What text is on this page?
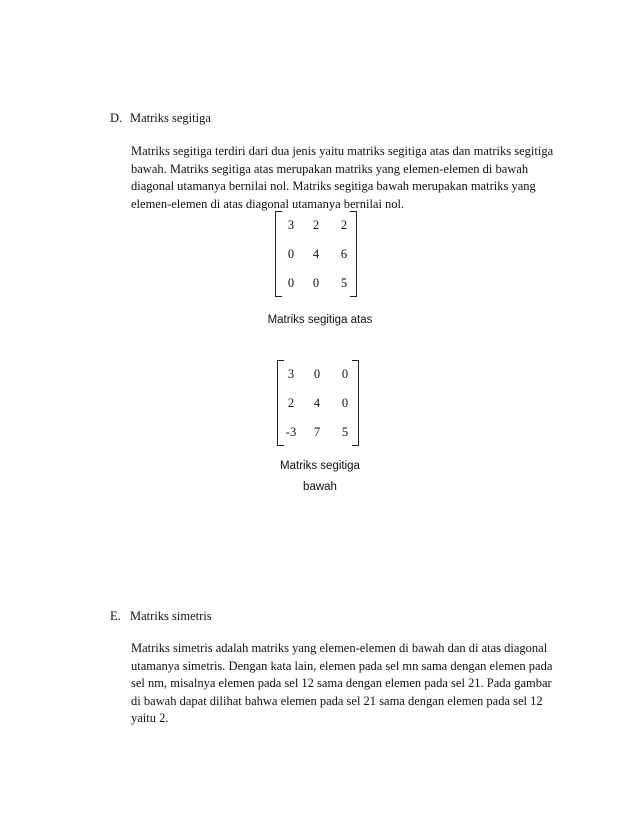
D. Matriks segitiga

Matriks segitiga terdiri dari dua jenis yaitu matriks segitiga atas dan matriks segitiga

bawah. Matriks segitiga atas merupakan matriks yang elemen-elemen di bawah

diagonal utamanya bernilai nol. Matriks segitiga bawah merupakan matriks yang

elemen-elemen di atas diagonal utamanya bernilai nol.

3	2	2
0	4	6
0	0	5
Matriks segitiga atas
3	0	0
2	4	0
-3	7	5
Matriks segitiga
bawah
E. Matriks simetris

Matriks simetris adalah matriks yang elemen-elemen di bawah dan di atas diagonal

utamanya simetris. Dengan kata lain, elemen pada sel mn sama dengan elemen pada

sel nm, misalnya elemen pada sel 12 sama dengan elemen pada sel 21. Pada gambar

di bawah dapat dilihat bahwa elemen pada sel 21 sama dengan elemen pada sel 12

yaitu 2.
